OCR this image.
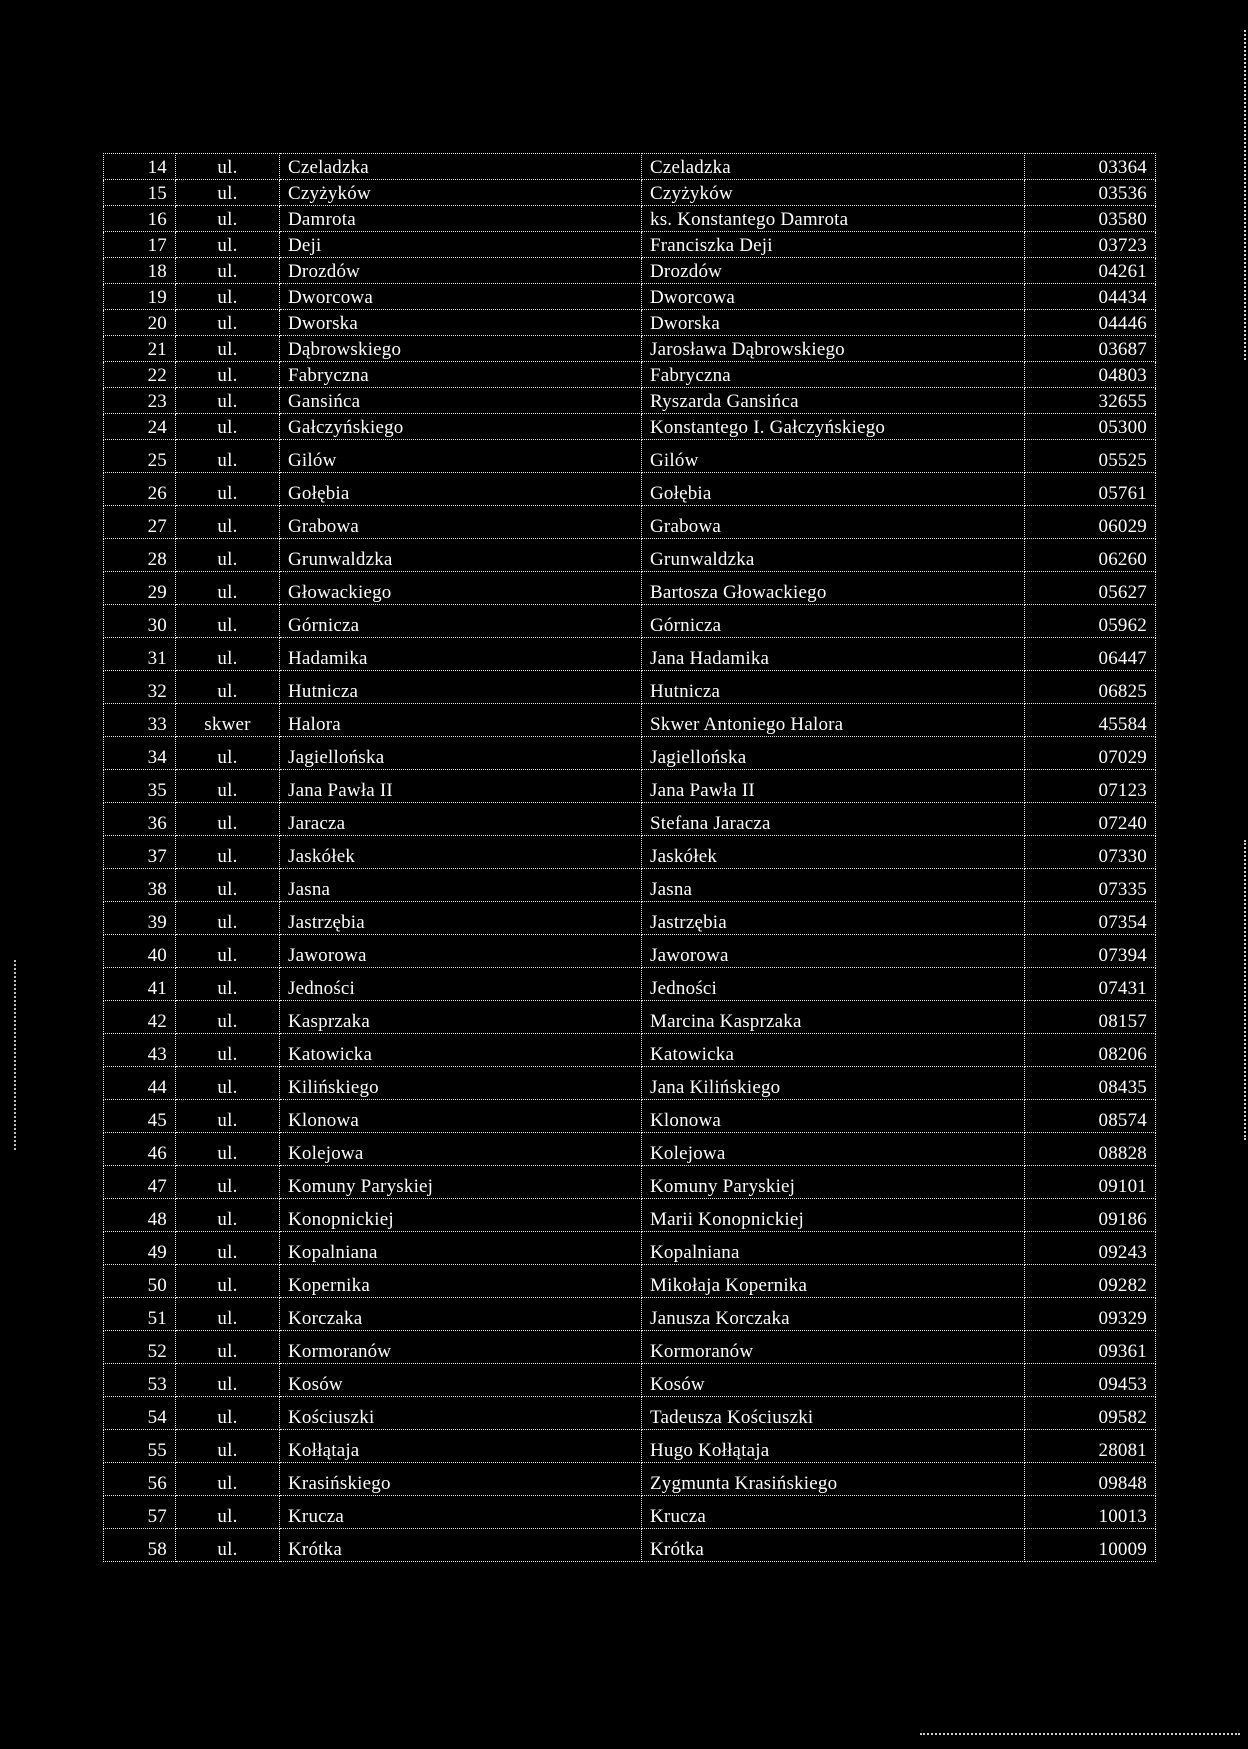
14	ul.	Czeladzka	Czeladzka	03364
15	ul.	Czyżyków	Czyżyków	03536
16	ul.	Damrota	ks. Konstantego Damrota	03580
17	ul.	Deji	Franciszka Deji	03723
18	ul.	Drozdów	Drozdów	04261
19	ul.	Dworcowa	Dworcowa	04434
20	ul.	Dworska	Dworska	04446
21	ul.	Dąbrowskiego	Jarosława Dąbrowskiego	03687
22	ul.	Fabryczna	Fabryczna	04803
23	ul.	Gansińca	Ryszarda Gansińca	32655
24	ul.	Gałczyńskiego	Konstantego I. Gałczyńskiego	05300
25	ul.	Gilów	Gilów	05525
26	ul.	Gołębia	Gołębia	05761
27	ul.	Grabowa	Grabowa	06029
28	ul.	Grunwaldzka	Grunwaldzka	06260
29	ul.	Głowackiego	Bartosza Głowackiego	05627
30	ul.	Górnicza	Górnicza	05962
31	ul.	Hadamika	Jana Hadamika	06447
32	ul.	Hutnicza	Hutnicza	06825
33	skwer	Halora	Skwer Antoniego Halora	45584
34	ul.	Jagiellońska	Jagiellońska	07029
35	ul.	Jana Pawła II	Jana Pawła II	07123
36	ul.	Jaracza	Stefana Jaracza	07240
37	ul.	Jaskółek	Jaskółek	07330
38	ul.	Jasna	Jasna	07335
39	ul.	Jastrzębia	Jastrzębia	07354
40	ul.	Jaworowa	Jaworowa	07394
41	ul.	Jedności	Jedności	07431
42	ul.	Kasprzaka	Marcina Kasprzaka	08157
43	ul.	Katowicka	Katowicka	08206
44	ul.	Kilińskiego	Jana Kilińskiego	08435
45	ul.	Klonowa	Klonowa	08574
46	ul.	Kolejowa	Kolejowa	08828
47	ul.	Komuny Paryskiej	Komuny Paryskiej	09101
48	ul.	Konopnickiej	Marii Konopnickiej	09186
49	ul.	Kopalniana	Kopalniana	09243
50	ul.	Kopernika	Mikołaja Kopernika	09282
51	ul.	Korczaka	Janusza Korczaka	09329
52	ul.	Kormoranów	Kormoranów	09361
53	ul.	Kosów	Kosów	09453
54	ul.	Kościuszki	Tadeusza Kościuszki	09582
55	ul.	Kołłątaja	Hugo Kołłątaja	28081
56	ul.	Krasińskiego	Zygmunta Krasińskiego	09848
57	ul.	Krucza	Krucza	10013
58	ul.	Krótka	Krótka	10009
